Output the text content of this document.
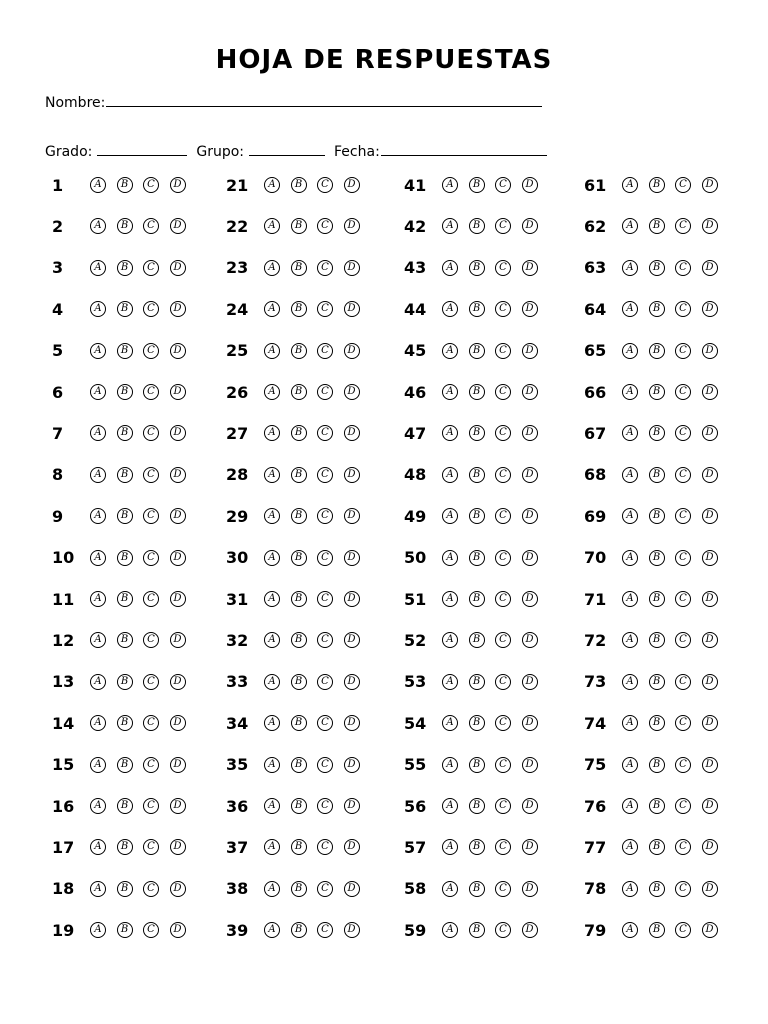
HOJA DE RESPUESTAS
Nombre:
Grado:	Grupo:	Fecha:
1	A	B	C	D
2	A	B	C	D
3	A	B	C	D
4	A	B	C	D
5	A	B	C	D
6	A	B	C	D
7	A	B	C	D
8	A	B	C	D
9	A	B	C	D
10	A	B	C	D
11	A	B	C	D
12	A	B	C	D
13	A	B	C	D
14	A	B	C	D
15	A	B	C	D
16	A	B	C	D
17	A	B	C	D
18	A	B	C	D
19	A	B	C	D
21	A	B	C	D
22	A	B	C	D
23	A	B	C	D
24	A	B	C	D
25	A	B	C	D
26	A	B	C	D
27	A	B	C	D
28	A	B	C	D
29	A	B	C	D
30	A	B	C	D
31	A	B	C	D
32	A	B	C	D
33	A	B	C	D
34	A	B	C	D
35	A	B	C	D
36	A	B	C	D
37	A	B	C	D
38	A	B	C	D
39	A	B	C	D
41	A	B	C	D
42	A	B	C	D
43	A	B	C	D
44	A	B	C	D
45	A	B	C	D
46	A	B	C	D
47	A	B	C	D
48	A	B	C	D
49	A	B	C	D
50	A	B	C	D
51	A	B	C	D
52	A	B	C	D
53	A	B	C	D
54	A	B	C	D
55	A	B	C	D
56	A	B	C	D
57	A	B	C	D
58	A	B	C	D
59	A	B	C	D
61	A	B	C	D
62	A	B	C	D
63	A	B	C	D
64	A	B	C	D
65	A	B	C	D
66	A	B	C	D
67	A	B	C	D
68	A	B	C	D
69	A	B	C	D
70	A	B	C	D
71	A	B	C	D
72	A	B	C	D
73	A	B	C	D
74	A	B	C	D
75	A	B	C	D
76	A	B	C	D
77	A	B	C	D
78	A	B	C	D
79	A	B	C	D
